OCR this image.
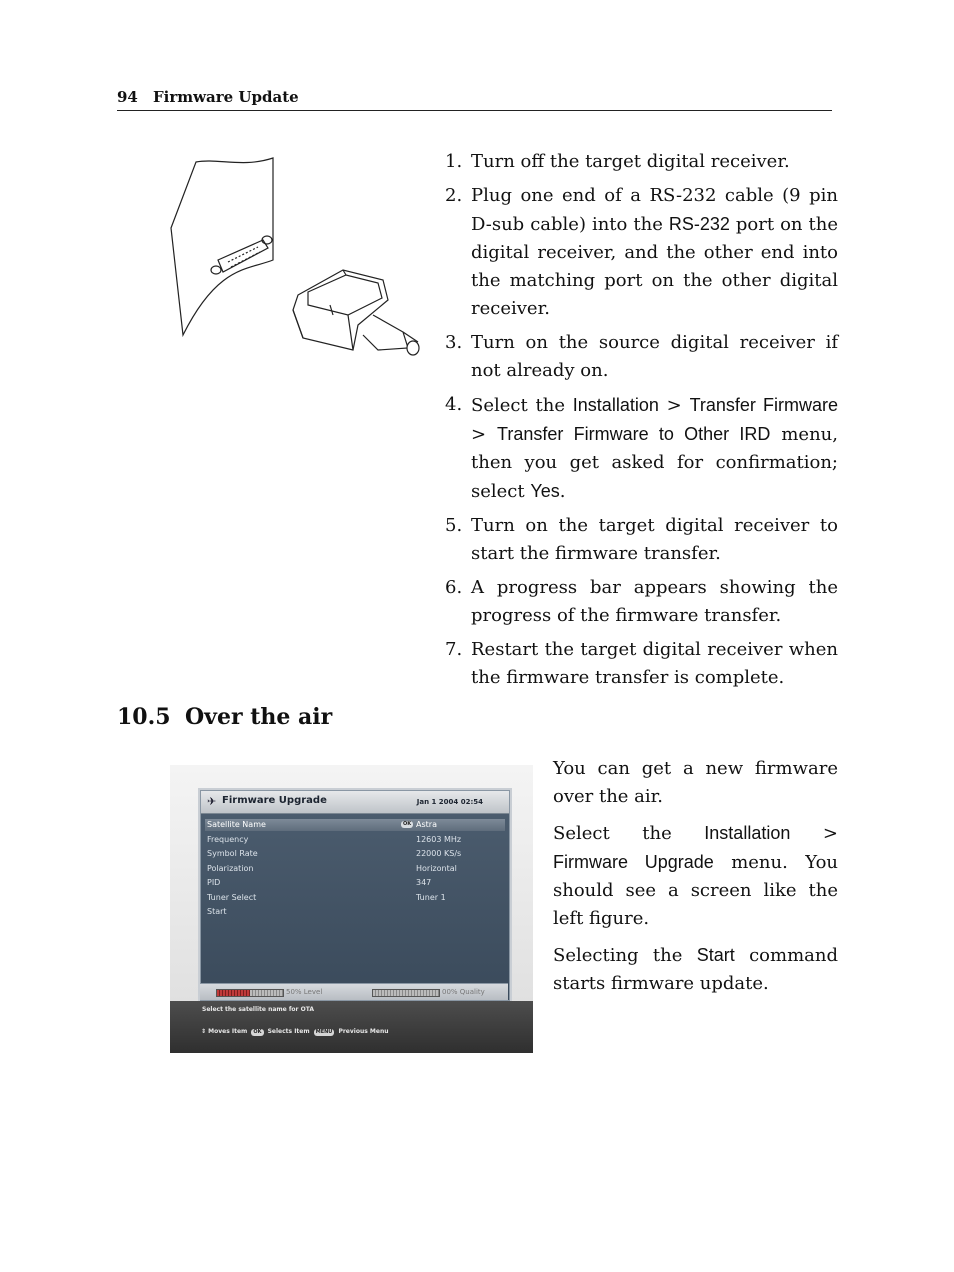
94 Firmware Update
1. Turn off the target digital receiver.
2. Plug one end of a RS-232 cable (9 pin D-sub cable) into the RS-232 port on the digital receiver, and the other end into the matching port on the other digital receiver.
3. Turn on the source digital receiver if not already on.
4. Select the Installation > Transfer Firmware > Transfer Firmware to Other IRD menu, then you get asked for confirmation; select Yes.
5. Turn on the target digital receiver to start the firmware transfer.
6. A progress bar appears showing the progress of the firmware transfer.
7. Restart the target digital receiver when the firmware transfer is complete.
10.5 Over the air
✈ Firmware Upgrade	Jan 1 2004 02:54
Satellite Name	OK Astra
Frequency	12603 MHz
Symbol Rate	22000 KS/s
Polarization	Horizontal
PID	347
Tuner Select	Tuner 1
Start
50% Level	00% Quality
Select the satellite name for OTA
⇕ Moves Item OK Selects Item MENU Previous Menu

You can get a new firmware over the air.

Select the Installation > Firmware Upgrade menu. You should see a screen like the left figure.

Selecting the Start command starts firmware update.
